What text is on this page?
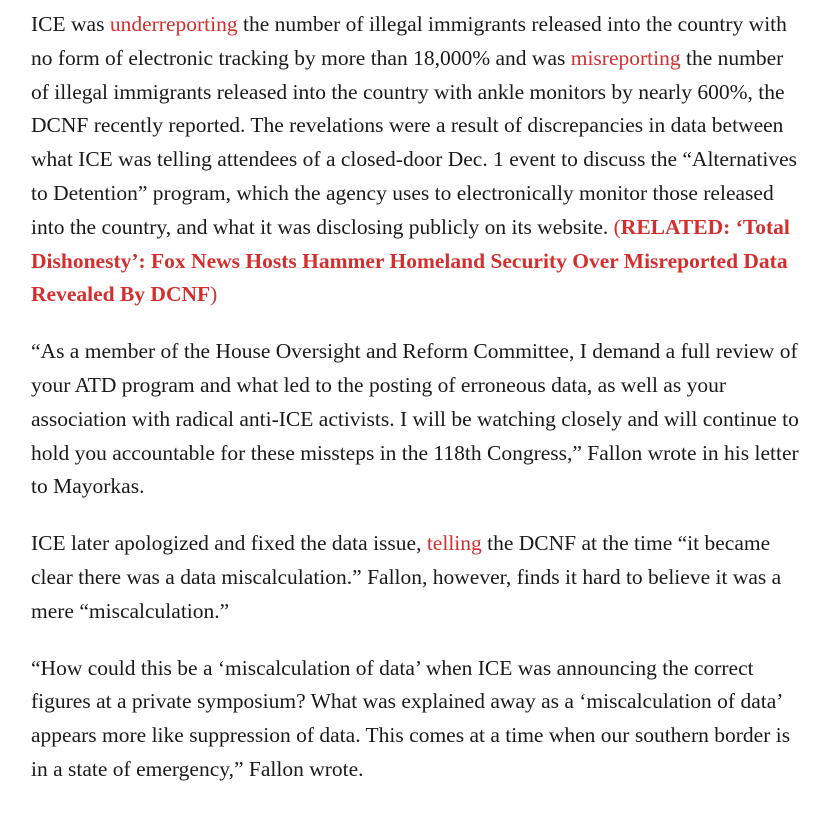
ICE was underreporting the number of illegal immigrants released into the country with no form of electronic tracking by more than 18,000% and was misreporting the number of illegal immigrants released into the country with ankle monitors by nearly 600%, the DCNF recently reported. The revelations were a result of discrepancies in data between what ICE was telling attendees of a closed-door Dec. 1 event to discuss the “Alternatives to Detention” program, which the agency uses to electronically monitor those released into the country, and what it was disclosing publicly on its website. (RELATED: ‘Total Dishonesty’: Fox News Hosts Hammer Homeland Security Over Misreported Data Revealed By DCNF)

“As a member of the House Oversight and Reform Committee, I demand a full review of your ATD program and what led to the posting of erroneous data, as well as your association with radical anti-ICE activists. I will be watching closely and will continue to hold you accountable for these missteps in the 118th Congress,” Fallon wrote in his letter to Mayorkas.

ICE later apologized and fixed the data issue, telling the DCNF at the time “it became clear there was a data miscalculation.” Fallon, however, finds it hard to believe it was a mere “miscalculation.”

“How could this be a ‘miscalculation of data’ when ICE was announcing the correct figures at a private symposium? What was explained away as a ‘miscalculation of data’ appears more like suppression of data. This comes at a time when our southern border is in a state of emergency,” Fallon wrote.
